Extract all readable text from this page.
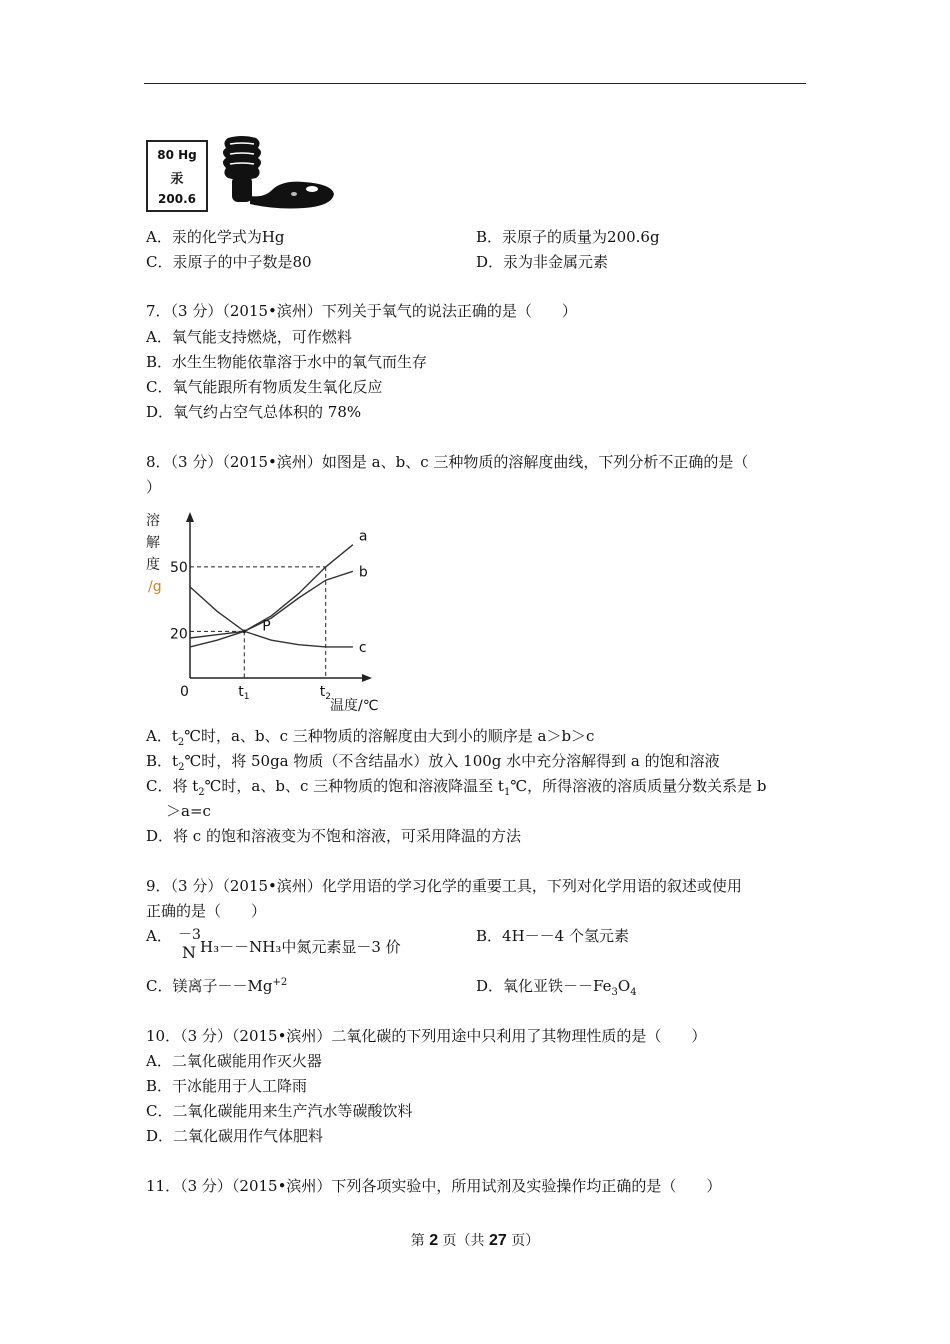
80 Hg
汞
200.6
A．汞的化学式为Hg	B．汞原子的质量为200.6g
C．汞原子的中子数是80	D．汞为非金属元素
7．（3 分）（2015•滨州）下列关于氧气的说法正确的是（　　）
A．氧气能支持燃烧，可作燃料
B．水生生物能依靠溶于水中的氧气而生存
C．氧气能跟所有物质发生氧化反应
D．氧气约占空气总体积的 78%
8．（3 分）（2015•滨州）如图是 a、b、c 三种物质的溶解度曲线，下列分析不正确的是（
）
溶
解
度
/g
50
20
0	$t_1$	$t_2$
温度/℃
a
b
c
P
A．$t_2℃$时，a、b、c 三种物质的溶解度由大到小的顺序是 a＞b＞c
B．$t_2℃$时，将 50ga 物质（不含结晶水）放入 100g 水中充分溶解得到 a 的饱和溶液
C．将 $t_2℃$时，a、b、c 三种物质的饱和溶液降温至 $t_1℃$，所得溶液的溶质质量分数关系是 b
＞a=c
D．将 c 的饱和溶液变为不饱和溶液，可采用降温的方法
9．（3 分）（2015•滨州）化学用语的学习化学的重要工具，下列对化学用语的叙述或使用
正确的是（　　）
A． －3
N H₃－－NH₃中氮元素显－3 价
B．4H－－4 个氢元素
C．镁离子$--Mg^{+2}$	D．氧化亚铁$--Fe_3O_4$
10．（3 分）（2015•滨州）二氧化碳的下列用途中只利用了其物理性质的是（　　）
A．二氧化碳能用作灭火器
B．干冰能用于人工降雨
C．二氧化碳能用来生产汽水等碳酸饮料
D．二氧化碳用作气体肥料
11．（3 分）（2015•滨州）下列各项实验中，所用试剂及实验操作均正确的是（　　）
第 2 页（共 27 页）
